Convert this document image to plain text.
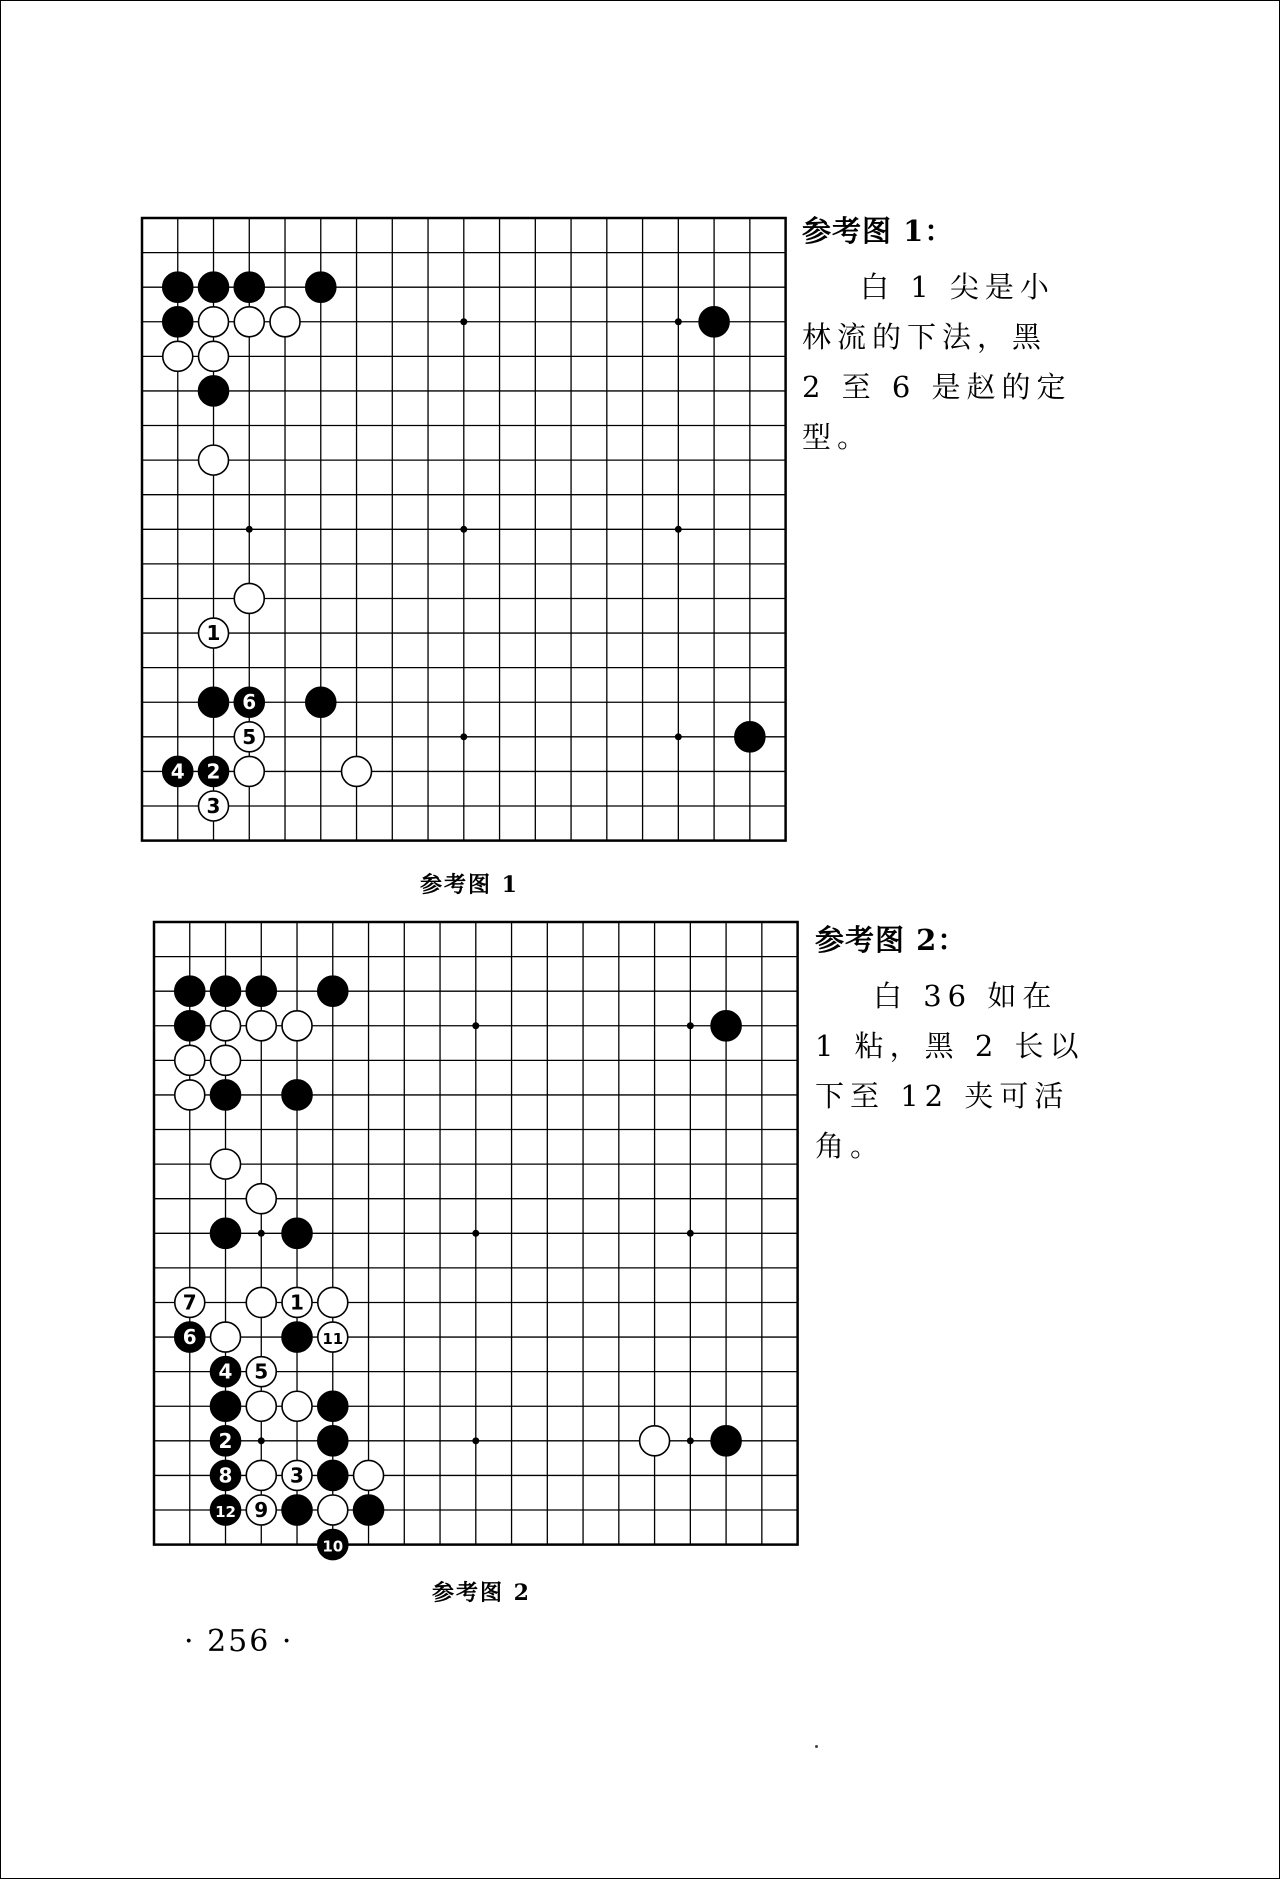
1
6
5
4 2
3
参考图 1
参考图 1：
白 1 尖是小林流的下法，黑 2 至 6 是赵的定型。
7	1
6	11
4 5
2
8	3
12 9
10
参考图 2
参考图 2：
白 36 如在 1 粘，黑 2 长以下至 12 夹可活角。
· 256 ·
